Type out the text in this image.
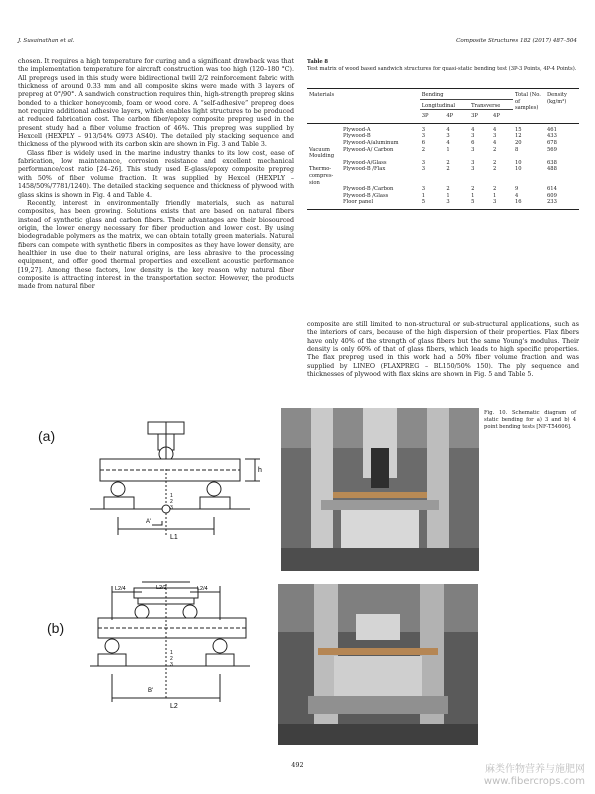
J. Susainathan et al.	Composite Structures 182 (2017) 487–504

chosen. It requires a high temperature for curing and a significant drawback was that the implementation temperature for aircraft construction was too high (120–180 °C). All prepregs used in this study were bidirectional twill 2/2 reinforcement fabric with thickness of around 0.33 mm and all composite skins were made with 3 layers of prepreg at 0°/90°. A sandwich construction requires thin, high-strength prepreg skins bonded to a thicker honeycomb, foam or wood core. A “self-adhesive” prepreg does not require additional adhesive layers, which enables light structures to be produced at reduced fabrication cost. The carbon fiber/epoxy composite prepreg used in the present study had a fiber volume fraction of 46%. This prepreg was supplied by Hexcell (HEXPLY – 913/54% G973 AS40). The detailed ply stacking sequence and thickness of the plywood with its carbon skin are shown in Fig. 3 and Table 3.

Glass fiber is widely used in the marine industry thanks to its low cost, ease of fabrication, low maintenance, corrosion resistance and excellent mechanical performance/cost ratio [24–26]. This study used E-glass/epoxy composite prepreg with 50% of fiber volume fraction. It was supplied by Hexcel (HEXPLY – 1458/50%/7781/1240). The detailed stacking sequence and thickness of plywood with glass skins is shown in Fig. 4 and Table 4.

Recently, interest in environmentally friendly materials, such as natural composites, has been growing. Solutions exists that are based on natural fibers instead of synthetic glass and carbon fibers. Their advantages are their biosourced origin, the lower energy necessary for fiber production and lower cost. By using biodegradable polymers as the matrix, we can obtain totally green materials. Natural fibers can compete with synthetic fibers in composites as they have lower density, are healthier in use due to their natural origins, are less abrasive to the processing equipment, and offer good thermal properties and excellent acoustic performance [19,27]. Among these factors, low density is the key reason why natural fiber composite is attracting interest in the transportation sector. However, the products made from natural fiber

Table 8
Test matrix of wood based sandwich structures for quasi-static bending test (3P-3 Points, 4P-4 Points).
Materials		Bending				Total (No. of samples)	Density (kg/m³)
		Longitudinal		Transverse			
		3P	4P	3P	4P		
	Plywood-A	3	4	4	4	15	461
	Plywood-B	3	3	3	3	12	433
	Plywood-A/aluminum	6	4	6	4	20	678
Vacuum Moulding	Plywood-A/ Carbon	2	1	3	2	8	569
	Plywood-A/Glass	3	2	3	2	10	638
Thermo-compres-sion	Plywood-B /Flax	3	2	3	2	10	488
	Plywood-B /Carbon	3	2	2	2	9	614
	Plywood-B /Glass	1	1	1	1	4	609
	Floor panel	5	3	5	3	16	233

composite are still limited to non-structural or sub-structural applications, such as the interiors of cars, because of the high dispersion of their properties. Flax fibers have only 40% of the strength of glass fibers but the same Young's modulus. Their density is only 60% of that of glass fibers, which leads to high specific properties. The flax prepreg used in this work had a 50% fiber volume fraction and was supplied by LINEO (FLAXPREG – BL150/50% 150). The ply sequence and thicknesses of plywood with flax skins are shown in Fig. 5 and Table 5.

(a)
(b)
h
L1
A'
1
2
3
L2/2
L2/4	L2/4
L2
B'
1
2
3
Fig. 10. Schematic diagram of static bending for a) 3 and b) 4 point bending tests [NF-T54606].
492	麻类作物营养与施肥网
www.fibercrops.com
